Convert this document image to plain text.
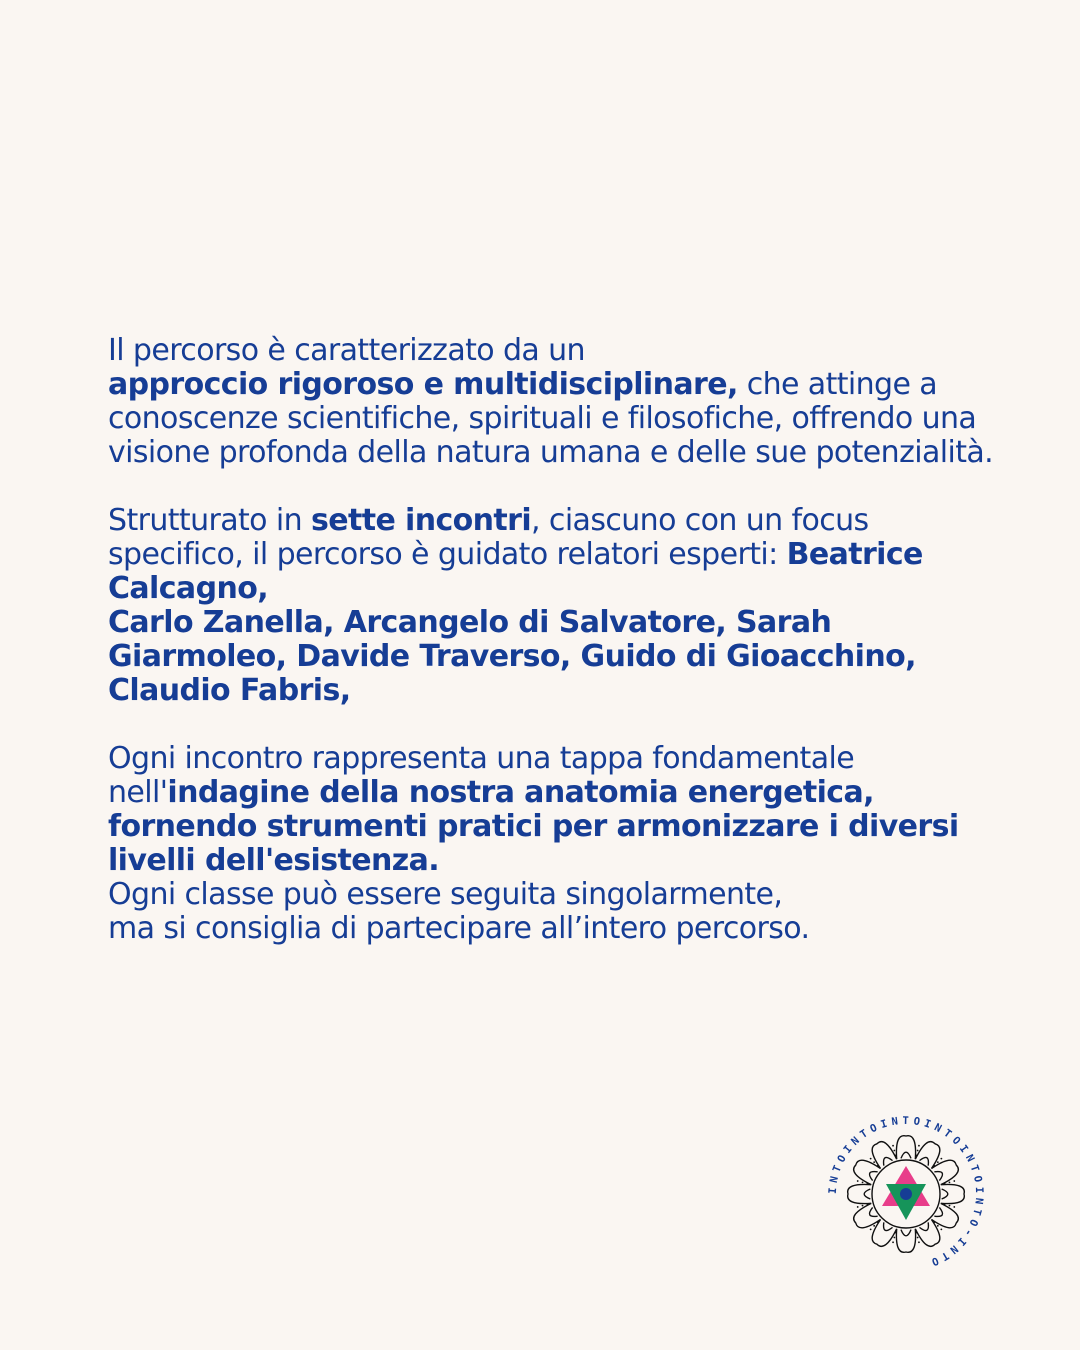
Il percorso è caratterizzato da un
approccio rigoroso e multidisciplinare, che attinge a conoscenze scientifiche, spirituali e filosofiche, offrendo una visione profonda della natura umana e delle sue potenzialità.

Strutturato in sette incontri, ciascuno con un focus specifico, il percorso è guidato relatori esperti: Beatrice Calcagno,
Carlo Zanella, Arcangelo di Salvatore, Sarah Giarmoleo, Davide Traverso, Guido di Gioacchino, Claudio Fabris,

Ogni incontro rappresenta una tappa fondamentale nell'indagine della nostra anatomia energetica, fornendo strumenti pratici per armonizzare i diversi livelli dell'esistenza.
Ogni classe può essere seguita singolarmente,
ma si consiglia di partecipare all’intero percorso.

INTOINTOINTOINTOINTOINTO-INTO
